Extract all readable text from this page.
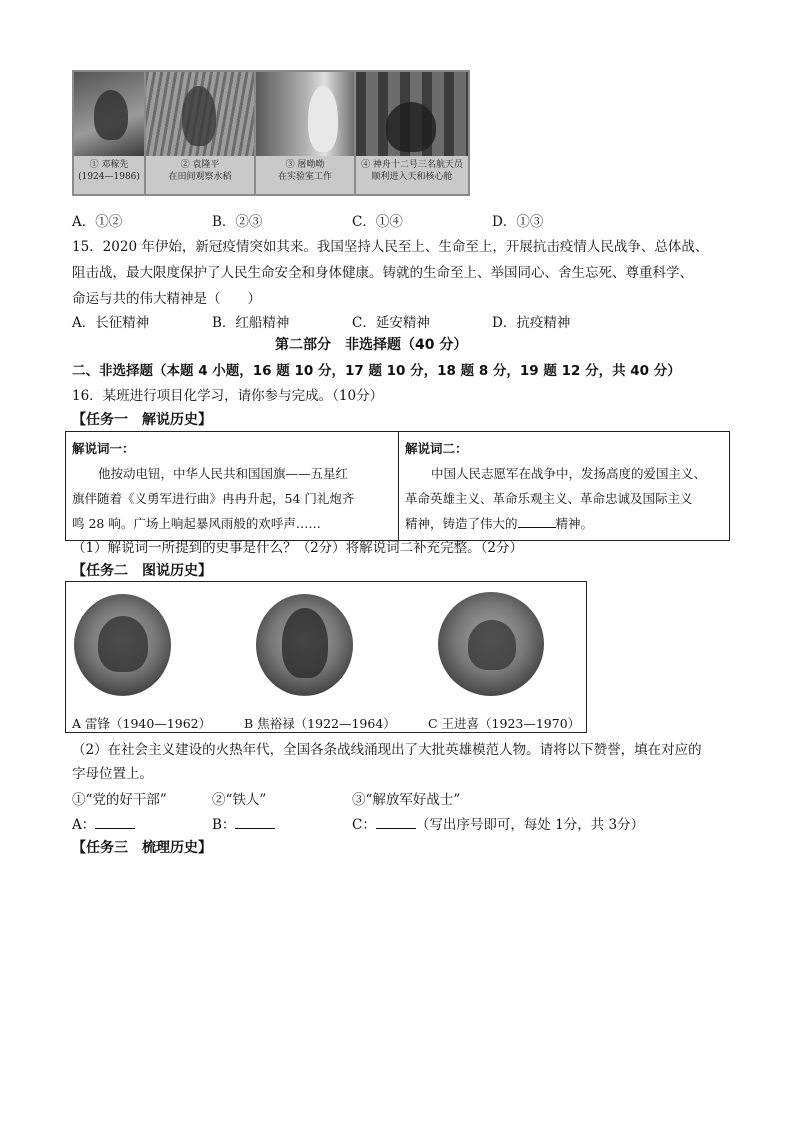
① 邓稼先
(1924—1986)
② 袁隆平
在田间观察水稻
③ 屠呦呦
在实验室工作
④ 神舟十二号三名航天员
顺利进入天和核心舱
A．①②	B．②③	C．①④	D．①③
15．2020 年伊始，新冠疫情突如其来。我国坚持人民至上、生命至上，开展抗击疫情人民战争、总体战、
阻击战，最大限度保护了人民生命安全和身体健康。铸就的生命至上、举国同心、舍生忘死、尊重科学、
命运与共的伟大精神是（　　）
A．长征精神	B．红船精神	C．延安精神	D．抗疫精神
第二部分　非选择题（40 分）
二、非选择题（本题 4 小题，16 题 10 分，17 题 10 分，18 题 8 分，19 题 12 分，共 40 分）
16．某班进行项目化学习，请你参与完成。（10分）
【任务一　解说历史】
解说词一：
他按动电钮，中华人民共和国国旗——五星红
旗伴随着《义勇军进行曲》冉冉升起，54 门礼炮齐
鸣 28 响。广场上响起暴风雨般的欢呼声……

解说词二：
中国人民志愿军在战争中，发扬高度的爱国主义、
革命英雄主义、革命乐观主义、革命忠诚及国际主义
精神，铸造了伟大的	精神。
（1）解说词一所提到的史事是什么？（2分）将解说词二补充完整。（2分）
【任务二　图说历史】
A 雷锋（1940—1962）	B 焦裕禄（1922—1964）	C 王进喜（1923—1970）
（2）在社会主义建设的火热年代，全国各条战线涌现出了大批英雄模范人物。请将以下赞誉，填在对应的
字母位置上。
①“党的好干部”	②“铁人”	③“解放军好战士”
A：	B：	C：	（写出序号即可，每处 1分，共 3分）
【任务三　梳理历史】
